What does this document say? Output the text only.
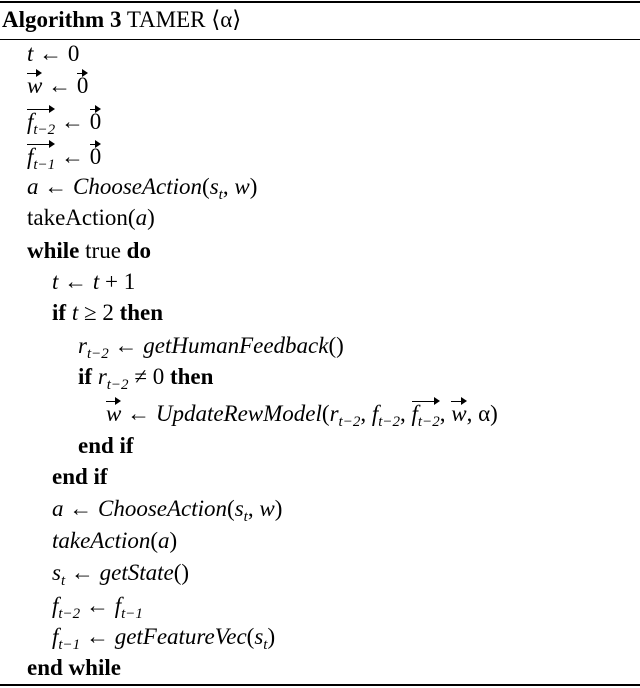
Algorithm 3 TAMER ⟨α⟩
t ← 0
w ← 0
$f_{t-2}$ ← 0
$f_{t-1}$ ← 0
a ← $ChooseAction(s_t$, w)
takeAction(a)
while true do
t ← t + 1
if t ≥ 2 then
$r_{t-2}$ ← getHumanFeedback()
if $r_{t-2} \ne 0$ then
w ← $UpdateRewModel(r_{t-2}$, $f_{t-2}$, $f_{t-2}$, w, α)
end if
end if
a ← $ChooseAction(s_t$, w)
takeAction(a)
$s_t$ ← getState()
$f_{t-2}$ ← $f_{t-1}$
$f_{t-1}$ ← $getFeatureVec(s_t)$
end while
